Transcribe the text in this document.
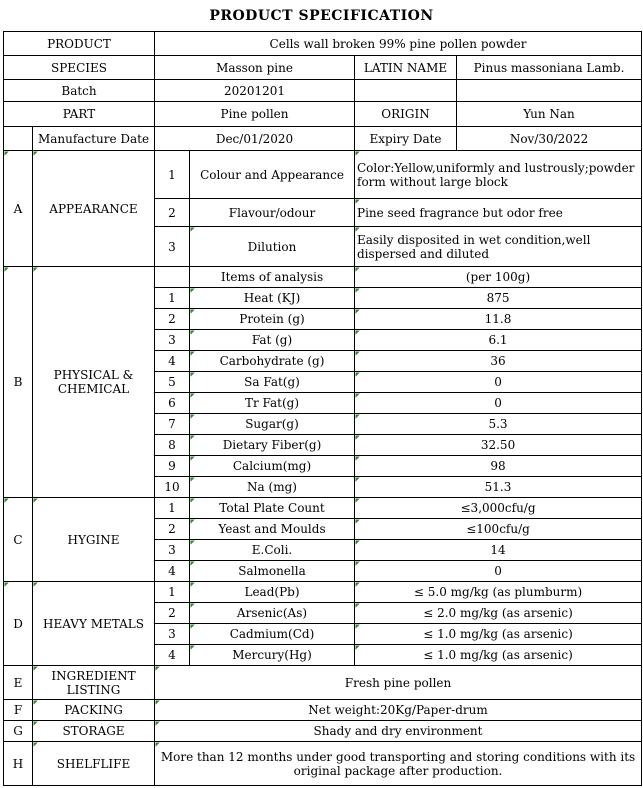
PRODUCT SPECIFICATION
PRODUCT		Cells wall broken 99% pine pollen powder			
SPECIES		Masson pine		LATIN NAME	Pinus massoniana Lamb.
Batch		20201201			
PART		Pine pollen		ORIGIN	Yun Nan
	Manufacture Date	Dec/01/2020		Expiry Date	Nov/30/2022
A	APPEARANCE	1	Colour and Appearance	Color:Yellow,uniformly and lustrously;powder form without large block	
		2	Flavour/odour	Pine seed fragrance but odor free	
		3	Dilution	Easily disposited in wet condition,well dispersed and diluted	
B	PHYSICAL & CHEMICAL		Items of analysis	(per 100g)	
		1	Heat (KJ)	875	
		2	Protein (g)	11.8	
		3	Fat (g)	6.1	
		4	Carbohydrate (g)	36	
		5	Sa Fat(g)	0	
		6	Tr Fat(g)	0	
		7	Sugar(g)	5.3	
		8	Dietary Fiber(g)	32.50	
		9	Calcium(mg)	98	
		10	Na (mg)	51.3	
C	HYGINE	1	Total Plate Count	≤3,000cfu/g	
		2	Yeast and Moulds	≤100cfu/g	
		3	E.Coli.	14	
		4	Salmonella	0	
D	HEAVY METALS	1	Lead(Pb)	≤ 5.0 mg/kg (as plumburm)	
		2	Arsenic(As)	≤ 2.0 mg/kg (as arsenic)	
		3	Cadmium(Cd)	≤ 1.0 mg/kg (as arsenic)	
		4	Mercury(Hg)	≤ 1.0 mg/kg (as arsenic)	
E	INGREDIENT LISTING	Fresh pine pollen			
F	PACKING	Net weight:20Kg/Paper-drum			
G	STORAGE	Shady and dry environment			
H	SHELFLIFE	More than 12 months under good transporting and storing conditions with its original package after production.			
